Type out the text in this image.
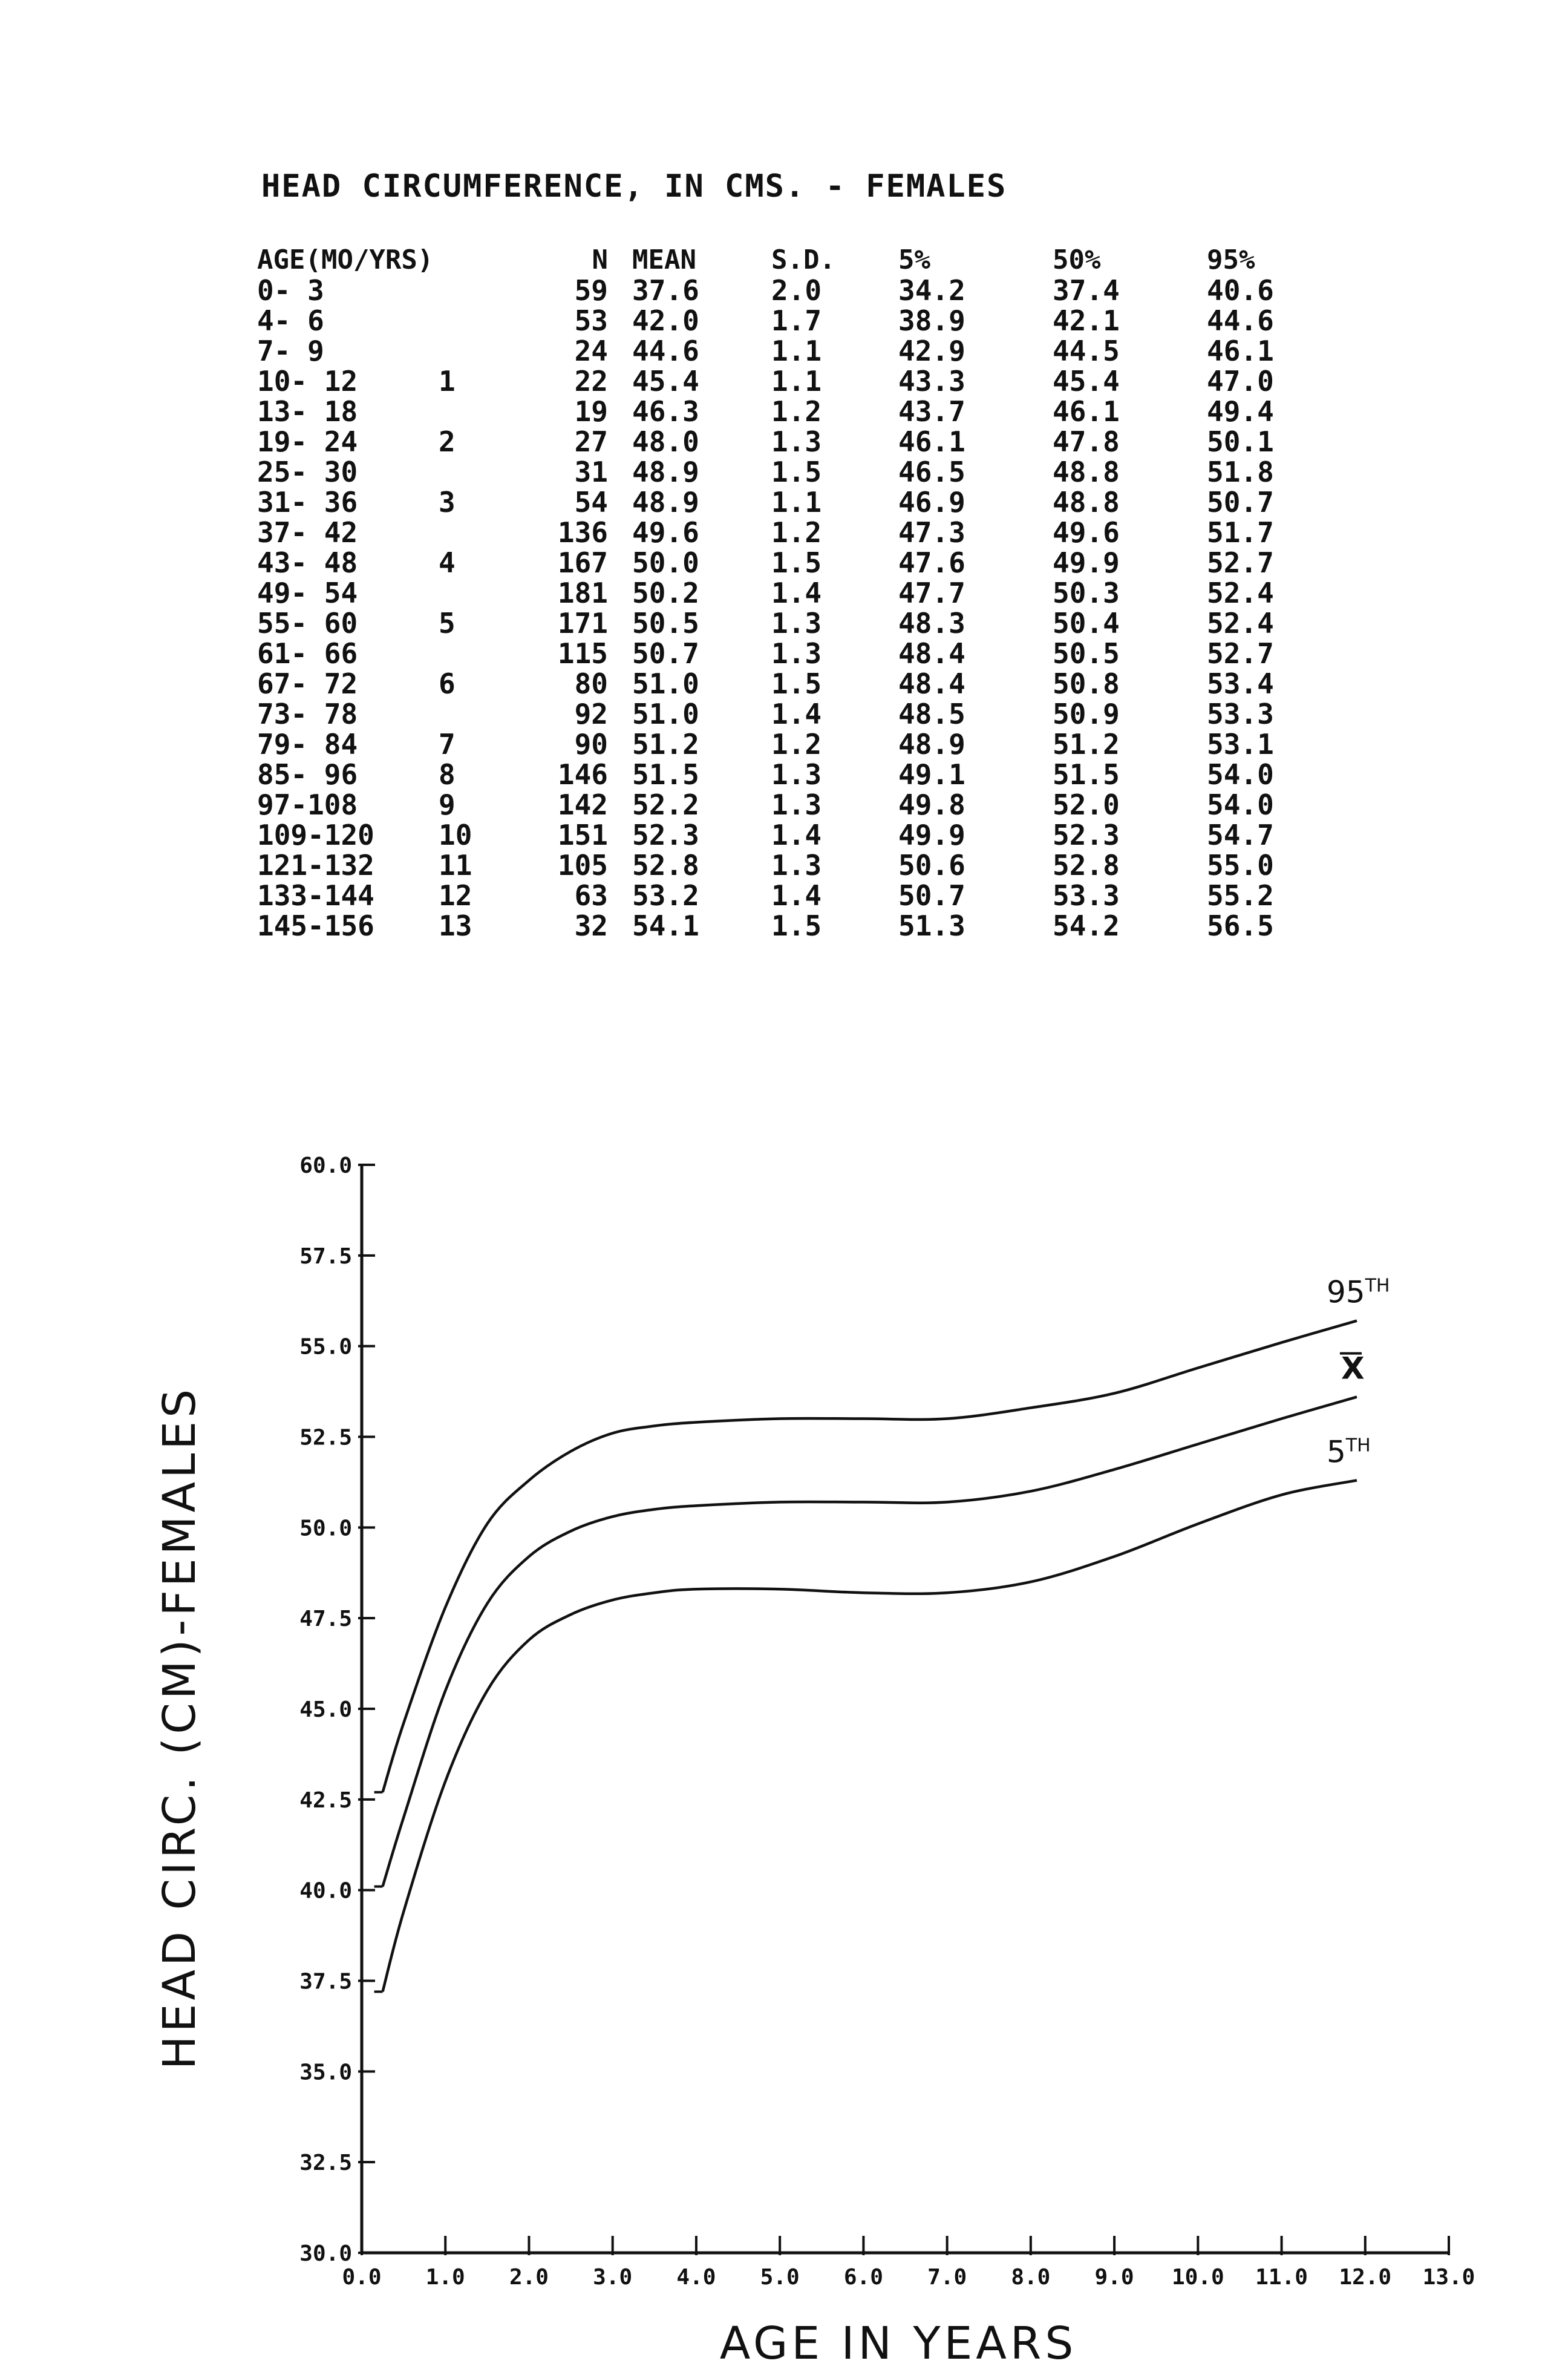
HEAD CIRCUMFERENCE, IN CMS. - FEMALES
AGE(MO/YRS)		N	MEAN	S.D.	5%	50%	95%
0- 3		59	37.6	2.0	34.2	37.4	40.6
4- 6		53	42.0	1.7	38.9	42.1	44.6
7- 9		24	44.6	1.1	42.9	44.5	46.1
10- 12	1	22	45.4	1.1	43.3	45.4	47.0
13- 18		19	46.3	1.2	43.7	46.1	49.4
19- 24	2	27	48.0	1.3	46.1	47.8	50.1
25- 30		31	48.9	1.5	46.5	48.8	51.8
31- 36	3	54	48.9	1.1	46.9	48.8	50.7
37- 42		136	49.6	1.2	47.3	49.6	51.7
43- 48	4	167	50.0	1.5	47.6	49.9	52.7
49- 54		181	50.2	1.4	47.7	50.3	52.4
55- 60	5	171	50.5	1.3	48.3	50.4	52.4
61- 66		115	50.7	1.3	48.4	50.5	52.7
67- 72	6	80	51.0	1.5	48.4	50.8	53.4
73- 78		92	51.0	1.4	48.5	50.9	53.3
79- 84	7	90	51.2	1.2	48.9	51.2	53.1
85- 96	8	146	51.5	1.3	49.1	51.5	54.0
97-108	9	142	52.2	1.3	49.8	52.0	54.0
109-120	10	151	52.3	1.4	49.9	52.3	54.7
121-132	11	105	52.8	1.3	50.6	52.8	55.0
133-144	12	63	53.2	1.4	50.7	53.3	55.2
145-156	13	32	54.1	1.5	51.3	54.2	56.5
30.0
32.5
35.0
37.5
40.0
42.5
45.0
47.5
50.0
52.5
55.0
57.5
60.0
0.0 1.0 2.0 3.0 4.0 5.0 6.0 7.0 8.0 9.0 10.0 11.0 12.0 13.0
95TH
X
5TH
AGE IN YEARS
HEAD CIRC. (CM)-FEMALES
